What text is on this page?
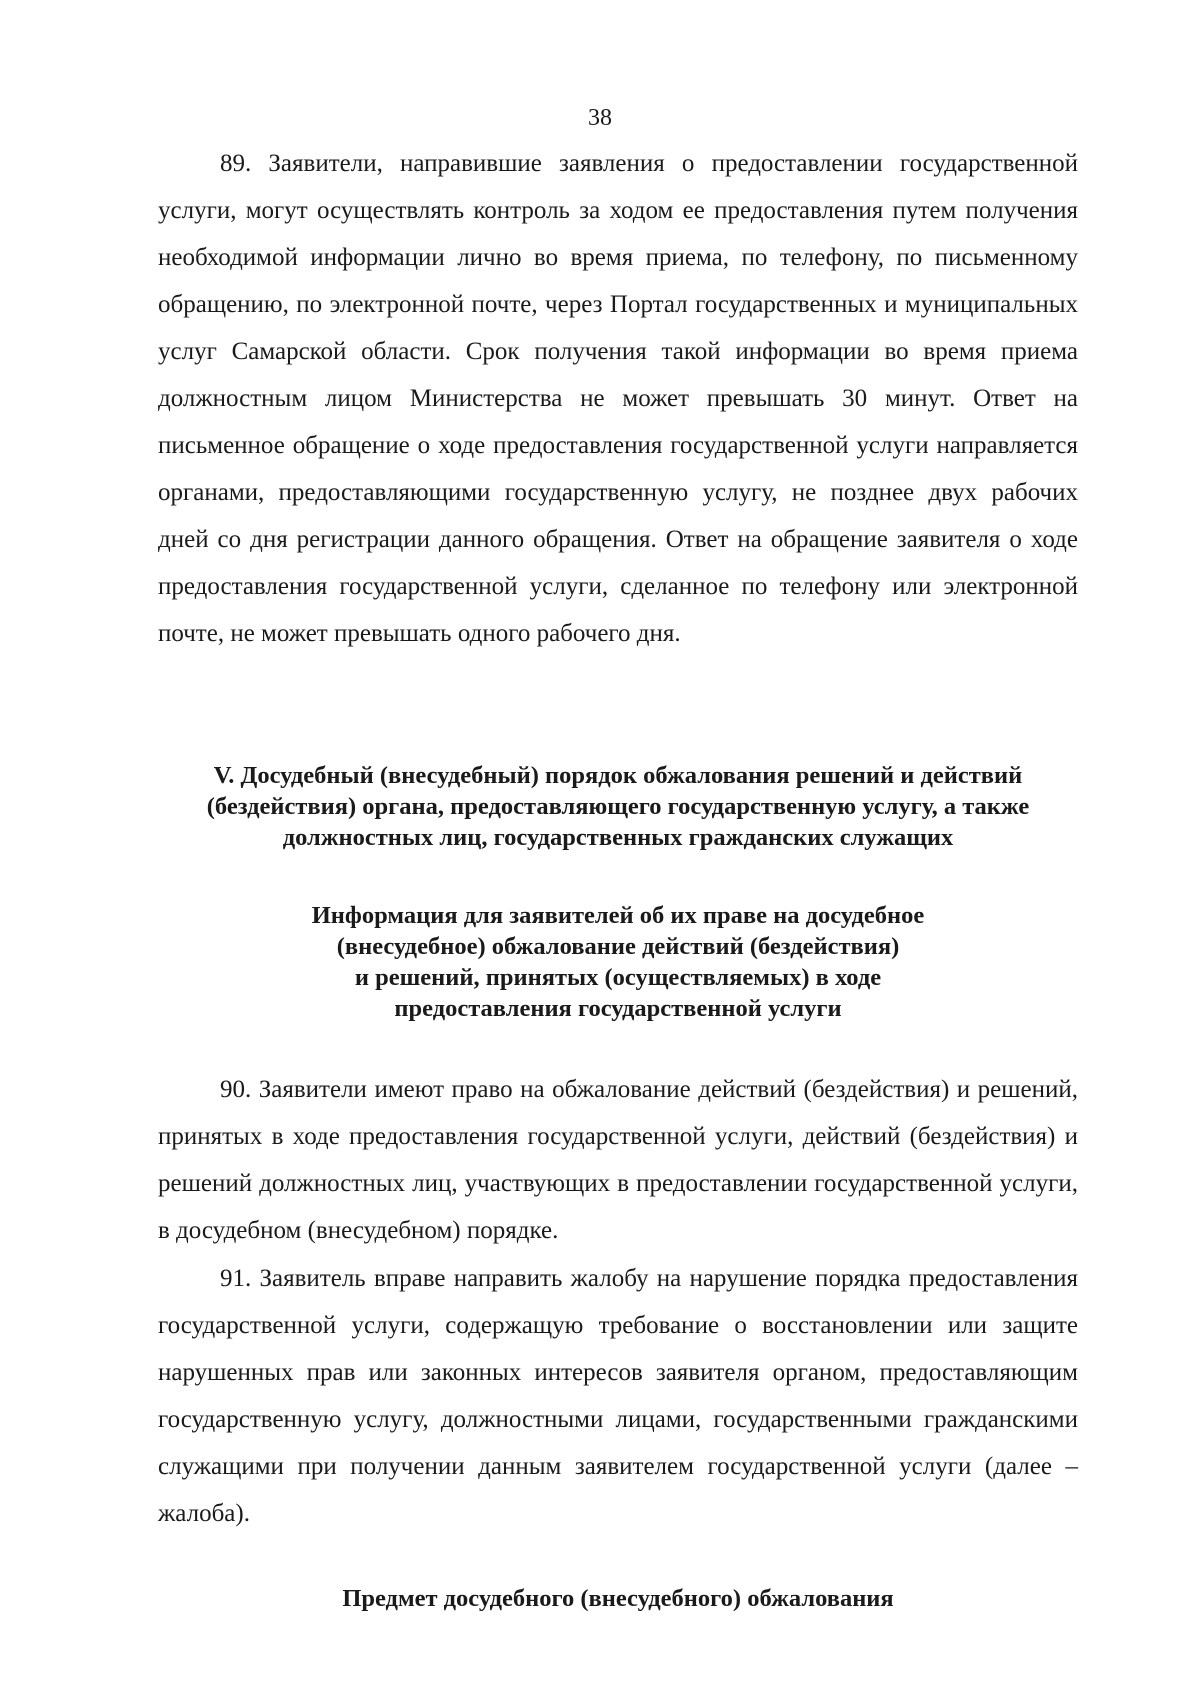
38

89. Заявители, направившие заявления о предоставлении государственной услуги, могут осуществлять контроль за ходом ее предоставления путем получения необходимой информации лично во время приема, по телефону, по письменному обращению, по электронной почте, через Портал государственных и муниципальных услуг Самарской области. Срок получения такой информации во время приема должностным лицом Министерства не может превышать 30 минут. Ответ на письменное обращение о ходе предоставления государственной услуги направляется органами, предоставляющими государственную услугу, не позднее двух рабочих дней со дня регистрации данного обращения. Ответ на обращение заявителя о ходе предоставления государственной услуги, сделанное по телефону или электронной почте, не может превышать одного рабочего дня.

V. Досудебный (внесудебный) порядок обжалования решений и действий
(бездействия) органа, предоставляющего государственную услугу, а также
должностных лиц, государственных гражданских служащих
Информация для заявителей об их праве на досудебное
(внесудебное) обжалование действий (бездействия)
и решений, принятых (осуществляемых) в ходе
предоставления государственной услуги

90. Заявители имеют право на обжалование действий (бездействия) и решений, принятых в ходе предоставления государственной услуги, действий (бездействия) и решений должностных лиц, участвующих в предоставлении государственной услуги, в досудебном (внесудебном) порядке.

91. Заявитель вправе направить жалобу на нарушение порядка предоставления государственной услуги, содержащую требование о восстановлении или защите нарушенных прав или законных интересов заявителя органом, предоставляющим государственную услугу, должностными лицами, государственными гражданскими служащими при получении данным заявителем государственной услуги (далее – жалоба).

Предмет досудебного (внесудебного) обжалования
